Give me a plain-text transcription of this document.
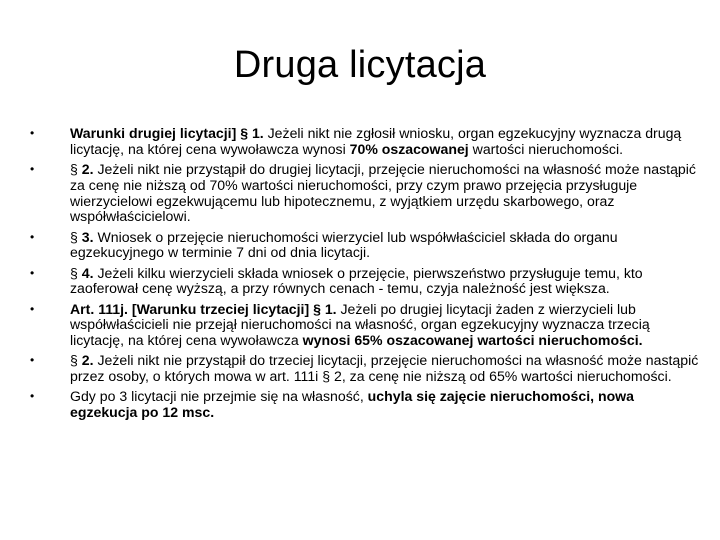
Druga licytacja
•	Warunki drugiej licytacji] § 1. Jeżeli nikt nie zgłosił wniosku, organ egzekucyjny wyznacza drugą licytację, na której cena wywoławcza wynosi 70% oszacowanej wartości nieruchomości.
•	§ 2. Jeżeli nikt nie przystąpił do drugiej licytacji, przejęcie nieruchomości na własność może nastąpić za cenę nie niższą od 70% wartości nieruchomości, przy czym prawo przejęcia przysługuje wierzycielowi egzekwującemu lub hipotecznemu, z wyjątkiem urzędu skarbowego, oraz współwłaścicielowi.
•	§ 3. Wniosek o przejęcie nieruchomości wierzyciel lub współwłaściciel składa do organu egzekucyjnego w terminie 7 dni od dnia licytacji.
•	§ 4. Jeżeli kilku wierzycieli składa wniosek o przejęcie, pierwszeństwo przysługuje temu, kto zaoferował cenę wyższą, a przy równych cenach - temu, czyja należność jest większa.
•	Art. 111j. [Warunku trzeciej licytacji] § 1. Jeżeli po drugiej licytacji żaden z wierzycieli lub współwłaścicieli nie przejął nieruchomości na własność, organ egzekucyjny wyznacza trzecią licytację, na której cena wywoławcza wynosi 65% oszacowanej wartości nieruchomości.
•	§ 2. Jeżeli nikt nie przystąpił do trzeciej licytacji, przejęcie nieruchomości na własność może nastąpić przez osoby, o których mowa w art. 111i § 2, za cenę nie niższą od 65% wartości nieruchomości.
•	Gdy po 3 licytacji nie przejmie się na własność, uchyla się zajęcie nieruchomości, nowa egzekucja po 12 msc.
